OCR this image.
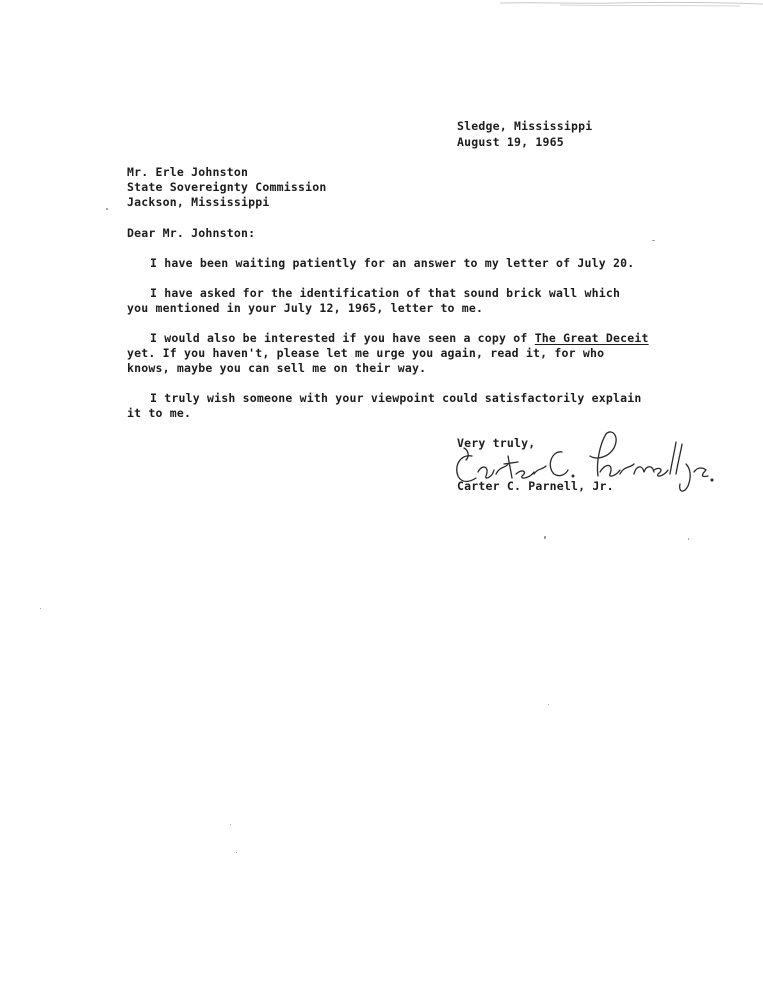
Sledge, Mississippi
August 19, 1965
Mr. Erle Johnston
State Sovereignty Commission
Jackson, Mississippi
Dear Mr. Johnston:
I have been waiting patiently for an answer to my letter of July 20.
I have asked for the identification of that sound brick wall which
you mentioned in your July 12, 1965, letter to me.
I would also be interested if you have seen a copy of The Great Deceit
yet. If you haven't, please let me urge you again, read it, for who
knows, maybe you can sell me on their way.
I truly wish someone with your viewpoint could satisfactorily explain
it to me.
Very truly,
Carter C. Parnell, Jr.
